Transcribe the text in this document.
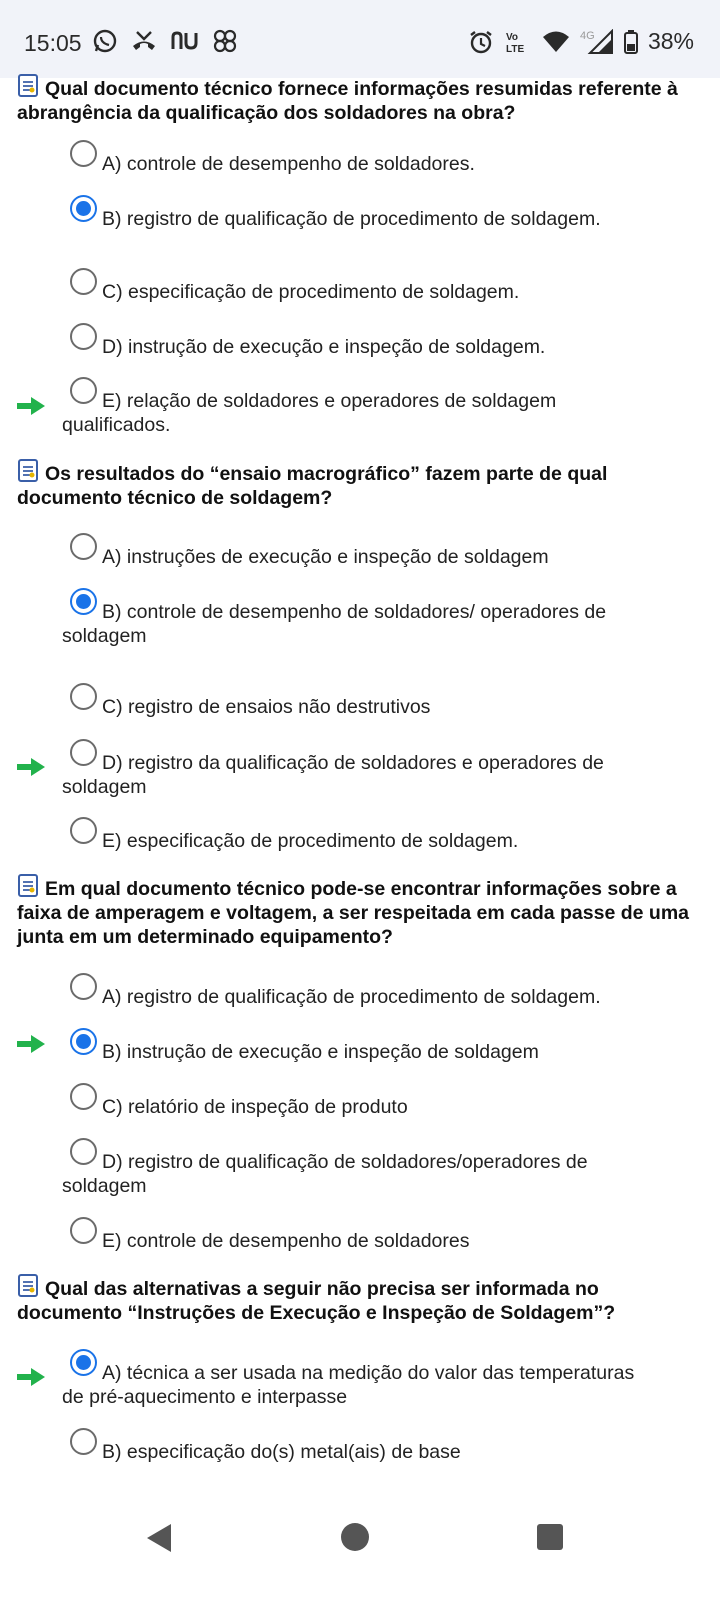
15:05	Vo
LTE
4G 38%
Qual documento técnico fornece informações resumidas referente à abrangência da qualificação dos soldadores na obra?
A) controle de desempenho de soldadores.
B) registro de qualificação de procedimento de soldagem.
C) especificação de procedimento de soldagem.
D) instrução de execução e inspeção de soldagem.
E) relação de soldadores e operadores de soldagem
qualificados.
Os resultados do “ensaio macrográfico” fazem parte de qual documento técnico de soldagem?
A) instruções de execução e inspeção de soldagem
B) controle de desempenho de soldadores/ operadores de
soldagem
C) registro de ensaios não destrutivos
D) registro da qualificação de soldadores e operadores de
soldagem
E) especificação de procedimento de soldagem.
Em qual documento técnico pode-se encontrar informações sobre a faixa de amperagem e voltagem, a ser respeitada em cada passe de uma junta em um determinado equipamento?
A) registro de qualificação de procedimento de soldagem.
B) instrução de execução e inspeção de soldagem
C) relatório de inspeção de produto
D) registro de qualificação de soldadores/operadores de
soldagem
E) controle de desempenho de soldadores
Qual das alternativas a seguir não precisa ser informada no documento “Instruções de Execução e Inspeção de Soldagem”?
A) técnica a ser usada na medição do valor das temperaturas
de pré-aquecimento e interpasse
B) especificação do(s) metal(ais) de base
